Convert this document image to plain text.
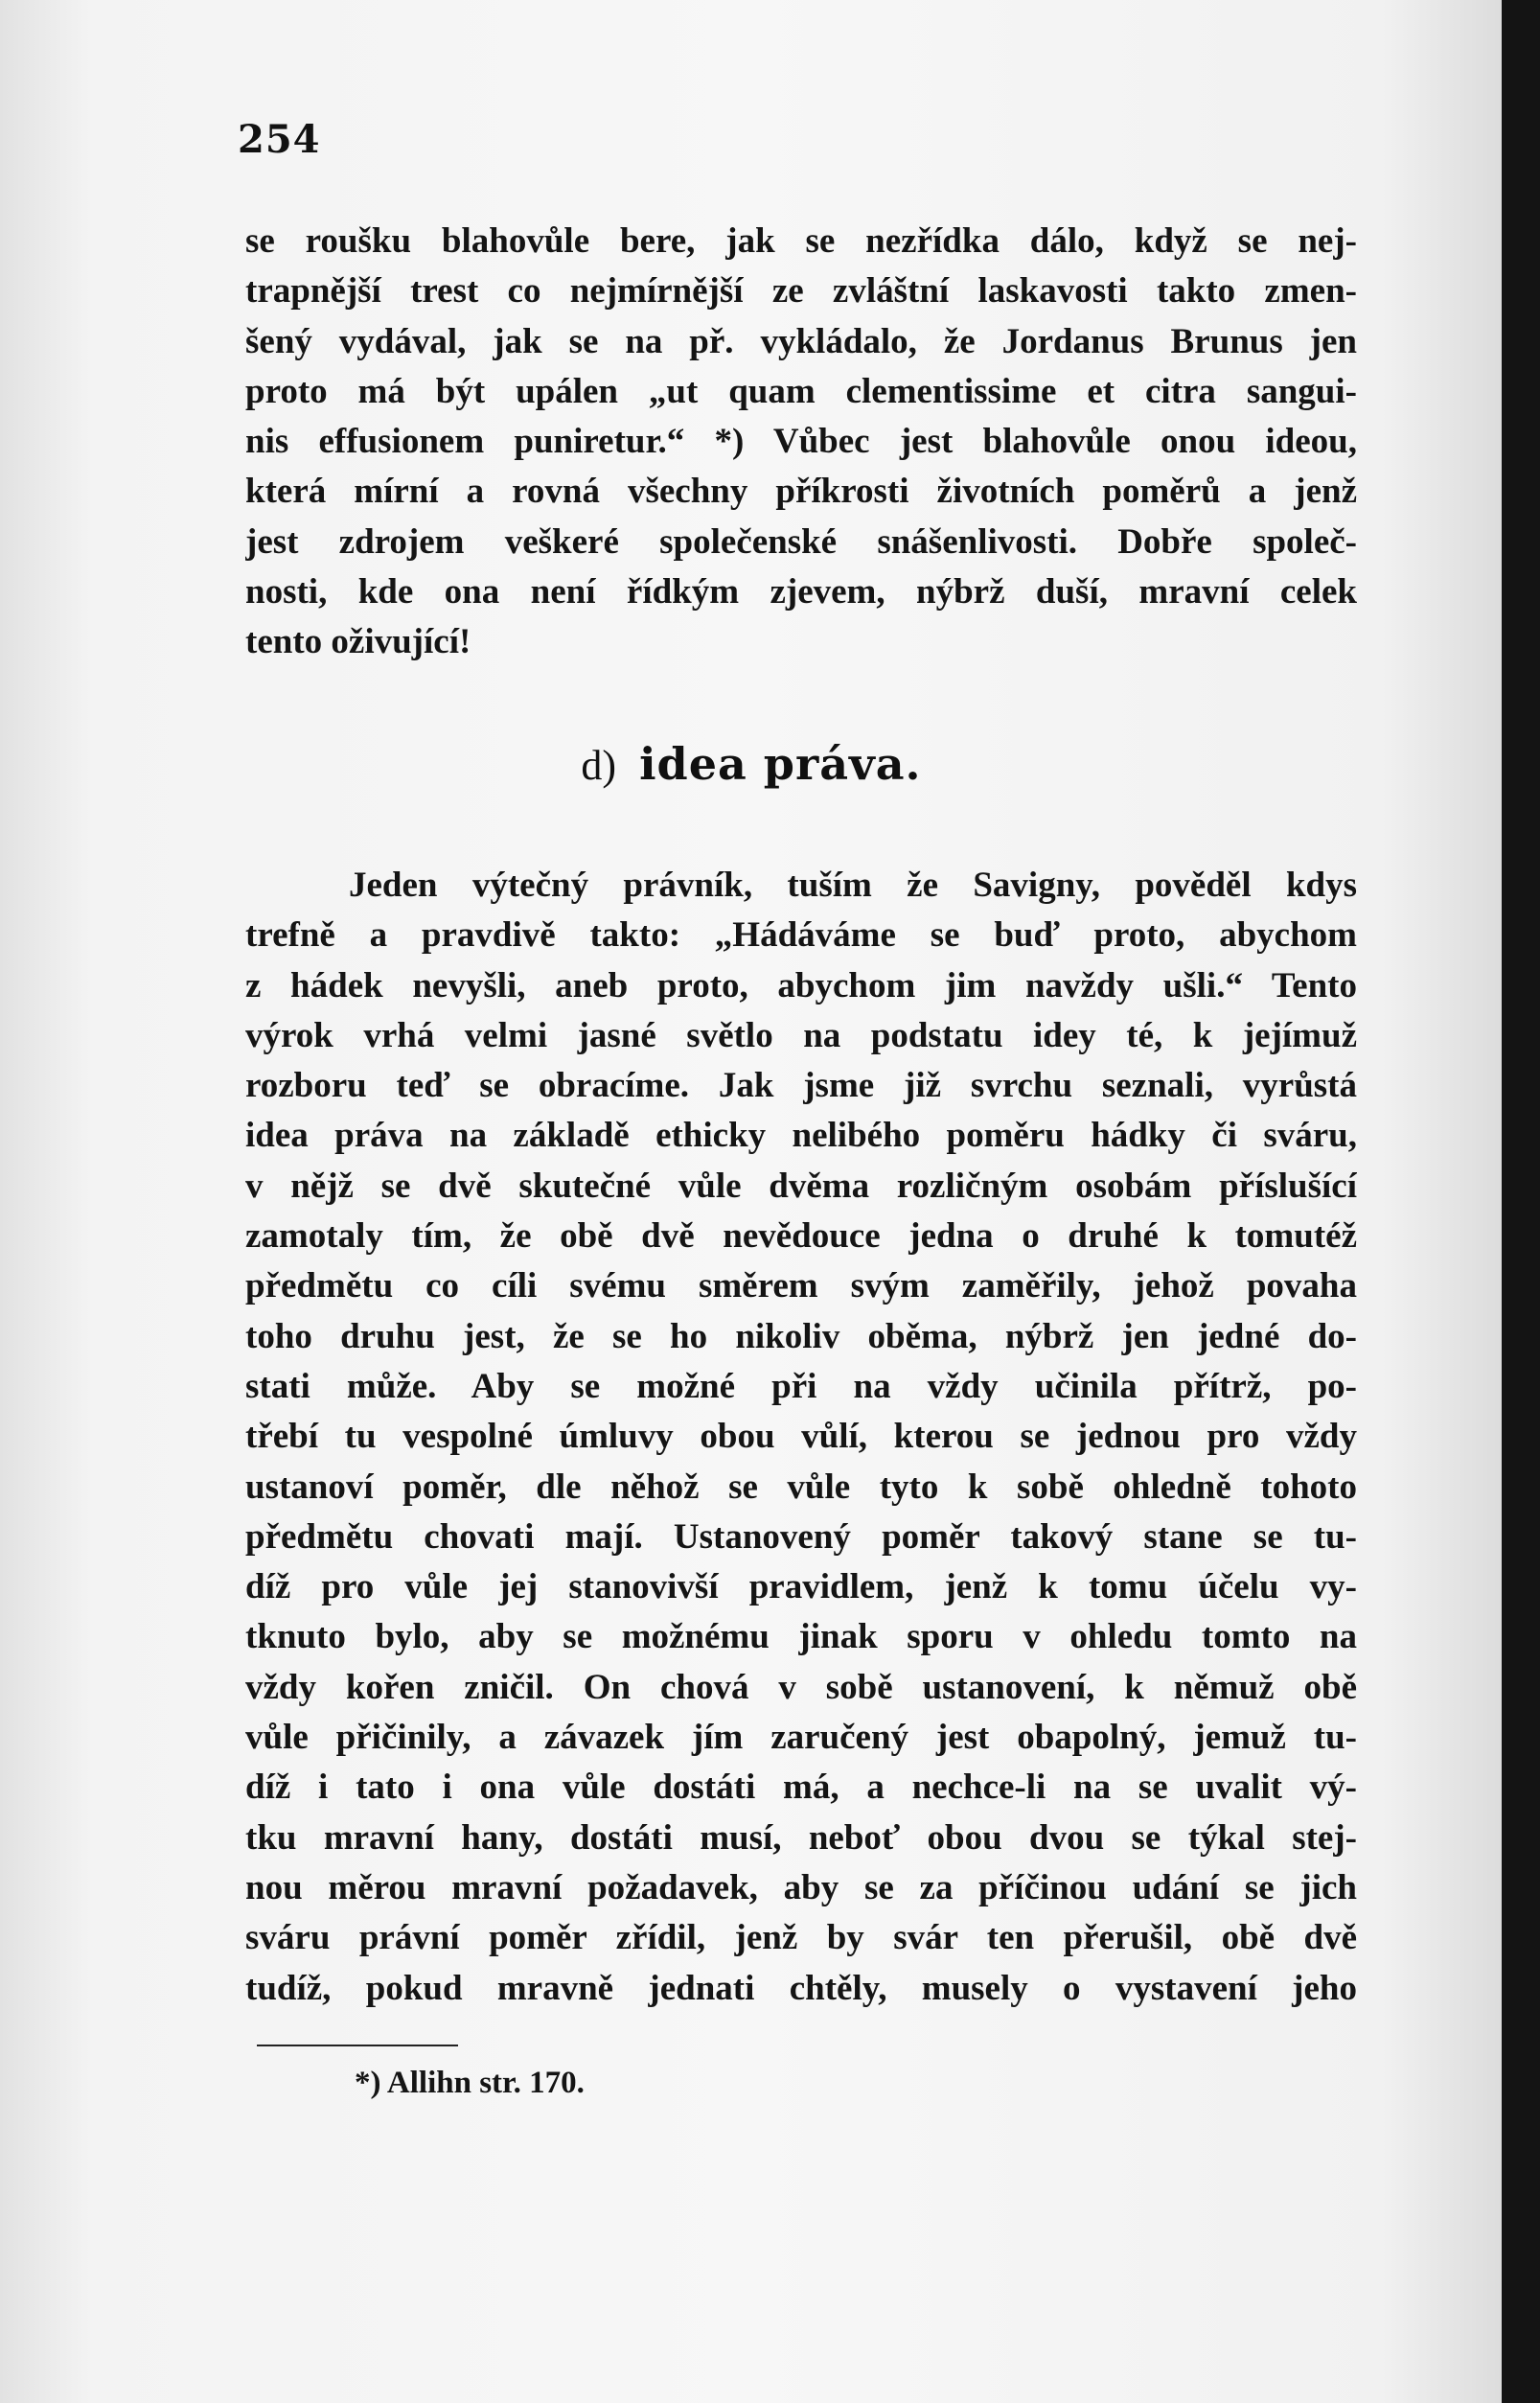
254

se roušku blahovůle bere, jak se nezřídka dálo, když se nej-
trapnější trest co nejmírnější ze zvláštní laskavosti takto zmen-
šený vydával, jak se na př. vykládalo, že Jordanus Brunus jen
proto má být upálen „ut quam clementissime et citra sangui-
nis effusionem puniretur.“ *) Vůbec jest blahovůle onou ideou,
která mírní a rovná všechny příkrosti životních poměrů a jenž
jest zdrojem veškeré společenské snášenlivosti. Dobře společ-
nosti, kde ona není řídkým zjevem, nýbrž duší, mravní celek
tento oživující!

d) idea práva.

Jeden výtečný právník, tuším že Savigny, pověděl kdys
trefně a pravdivě takto: „Hádáváme se buď proto, abychom
z hádek nevyšli, aneb proto, abychom jim navždy ušli.“ Tento
výrok vrhá velmi jasné světlo na podstatu idey té, k jejímuž
rozboru teď se obracíme. Jak jsme již svrchu seznali, vyrůstá
idea práva na základě ethicky nelibého poměru hádky či sváru,
v nějž se dvě skutečné vůle dvěma rozličným osobám příslušící
zamotaly tím, že obě dvě nevědouce jedna o druhé k tomutéž
předmětu co cíli svému směrem svým zaměřily, jehož povaha
toho druhu jest, že se ho nikoliv oběma, nýbrž jen jedné do-
stati může. Aby se možné při na vždy učinila přítrž, po-
třebí tu vespolné úmluvy obou vůlí, kterou se jednou pro vždy
ustanoví poměr, dle něhož se vůle tyto k sobě ohledně tohoto
předmětu chovati mají. Ustanovený poměr takový stane se tu-
díž pro vůle jej stanovivší pravidlem, jenž k tomu účelu vy-
tknuto bylo, aby se možnému jinak sporu v ohledu tomto na
vždy kořen zničil. On chová v sobě ustanovení, k němuž obě
vůle přičinily, a závazek jím zaručený jest obapolný, jemuž tu-
díž i tato i ona vůle dostáti má, a nechce-li na se uvalit vý-
tku mravní hany, dostáti musí, neboť obou dvou se týkal stej-
nou měrou mravní požadavek, aby se za příčinou udání se jich
sváru právní poměr zřídil, jenž by svár ten přerušil, obě dvě
tudíž, pokud mravně jednati chtěly, musely o vystavení jeho

*) Allihn str. 170.
